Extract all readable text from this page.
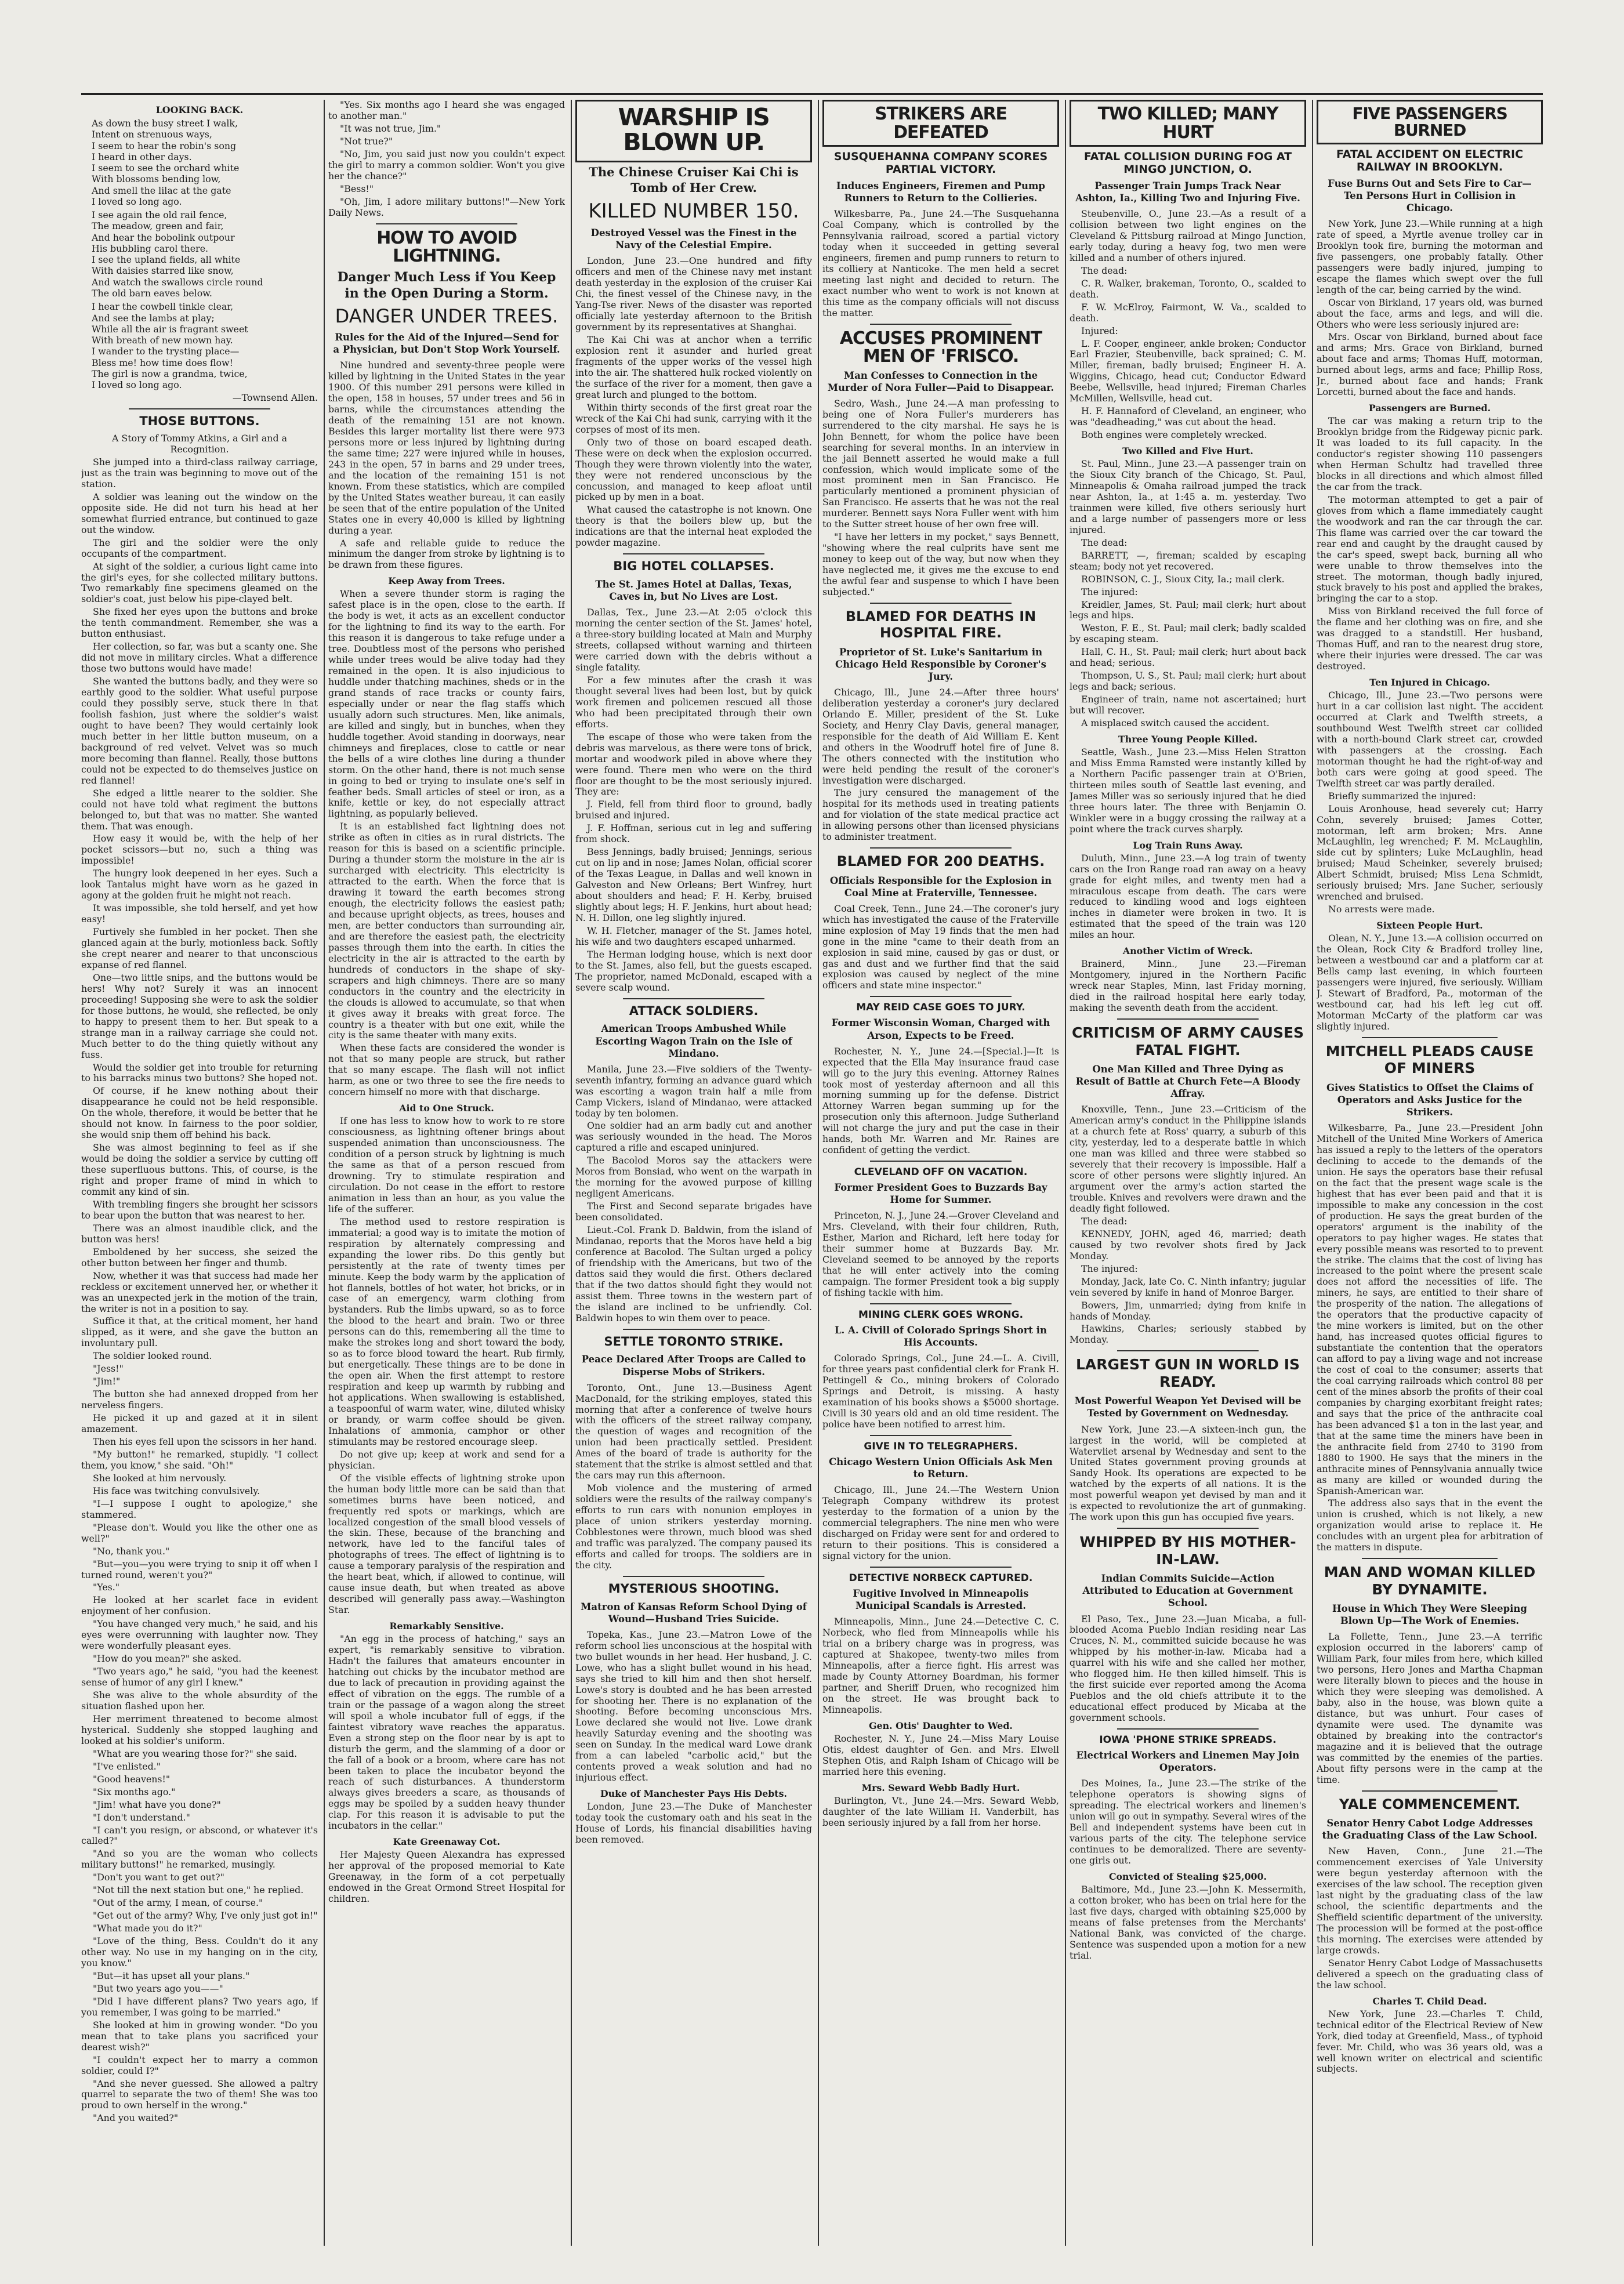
LOOKING BACK.
As down the busy street I walk,
Intent on strenuous ways,
I seem to hear the robin's song
I heard in other days.
I seem to see the orchard white
With blossoms bending low,
And smell the lilac at the gate
I loved so long ago.
I see again the old rail fence,
The meadow, green and fair,
And hear the bobolink outpour
His bubbling carol there.
I see the upland fields, all white
With daisies starred like snow,
And watch the swallows circle round
The old barn eaves below.
I hear the cowbell tinkle clear,
And see the lambs at play;
While all the air is fragrant sweet
With breath of new mown hay.
I wander to the trysting place—
Bless me! how time does flow!
The girl is now a grandma, twice,
I loved so long ago.
—Townsend Allen.
THOSE BUTTONS.
A Story of Tommy Atkins, a Girl and a Recognition.

She jumped into a third-class railway carriage, just as the train was beginning to move out of the station.

A soldier was leaning out the window on the opposite side. He did not turn his head at her somewhat flurried entrance, but continued to gaze out the window.

The girl and the soldier were the only occupants of the compartment.

At sight of the soldier, a curious light came into the girl's eyes, for she collected military buttons. Two remarkably fine specimens gleamed on the soldier's coat, just below his pipe-clayed belt.

She fixed her eyes upon the buttons and broke the tenth commandment. Remember, she was a button enthusiast.

Her collection, so far, was but a scanty one. She did not move in military circles. What a difference those two buttons would have made!

She wanted the buttons badly, and they were so earthly good to the soldier. What useful purpose could they possibly serve, stuck there in that foolish fashion, just where the soldier's waist ought to have been? They would certainly look much better in her little button museum, on a background of red velvet. Velvet was so much more becoming than flannel. Really, those buttons could not be expected to do themselves justice on red flannel!

She edged a little nearer to the soldier. She could not have told what regiment the buttons belonged to, but that was no matter. She wanted them. That was enough.

How easy it would be, with the help of her pocket scissors—but no, such a thing was impossible!

The hungry look deepened in her eyes. Such a look Tantalus might have worn as he gazed in agony at the golden fruit he might not reach.

It was impossible, she told herself, and yet how easy!

Furtively she fumbled in her pocket. Then she glanced again at the burly, motionless back. Softly she crept nearer and nearer to that unconscious expanse of red flannel.

One—two little snips, and the buttons would be hers! Why not? Surely it was an innocent proceeding! Supposing she were to ask the soldier for those buttons, he would, she reflected, be only to happy to present them to her. But speak to a strange man in a railway carriage she could not. Much better to do the thing quietly without any fuss.

Would the soldier get into trouble for returning to his barracks minus two buttons? She hoped not.

Of course, if he knew nothing about their disappearance he could not be held responsible. On the whole, therefore, it would be better that he should not know. In fairness to the poor soldier, she would snip them off behind his back.

She was almost beginning to feel as if she would be doing the soldier a service by cutting off these superfluous buttons. This, of course, is the right and proper frame of mind in which to commit any kind of sin.

With trembling fingers she brought her scissors to bear upon the button that was nearest to her.

There was an almost inaudible click, and the button was hers!

Emboldened by her success, she seized the other button between her finger and thumb.

Now, whether it was that success had made her reckless or excitement unnerved her, or whether it was an unexpected jerk in the motion of the train, the writer is not in a position to say.

Suffice it that, at the critical moment, her hand slipped, as it were, and she gave the button an involuntary pull.

The soldier looked round.

"Jess!"

"Jim!"

The button she had annexed dropped from her nerveless fingers.

He picked it up and gazed at it in silent amazement.

Then his eyes fell upon the scissors in her hand.

"My button!" he remarked, stupidly. "I collect them, you know," she said. "Oh!"

She looked at him nervously.

His face was twitching convulsively.

"I—I suppose I ought to apologize," she stammered.

"Please don't. Would you like the other one as well?"

"No, thank you."

"But—you—you were trying to snip it off when I turned round, weren't you?"

"Yes."

He looked at her scarlet face in evident enjoyment of her confusion.

"You have changed very much," he said, and his eyes were overrunning with laughter now. They were wonderfully pleasant eyes.

"How do you mean?" she asked.

"Two years ago," he said, "you had the keenest sense of humor of any girl I knew."

She was alive to the whole absurdity of the situation flashed upon her.

Her merriment threatened to become almost hysterical. Suddenly she stopped laughing and looked at his soldier's uniform.

"What are you wearing those for?" she said.

"I've enlisted."

"Good heavens!"

"Six months ago."

"Jim! what have you done?"

"I don't understand."

"I can't you resign, or abscond, or whatever it's called?"

"And so you are the woman who collects military buttons!" he remarked, musingly.

"Don't you want to get out?"

"Not till the next station but one," he replied.

"Out of the army, I mean, of course."

"Get out of the army? Why, I've only just got in!"

"What made you do it?"

"Love of the thing, Bess. Couldn't do it any other way. No use in my hanging on in the city, you know."

"But—it has upset all your plans."

"But two years ago you——"

"Did I have different plans? Two years ago, if you remember, I was going to be married."

She looked at him in growing wonder. "Do you mean that to take plans you sacrificed your dearest wish?"

"I couldn't expect her to marry a common soldier, could I?"

"And she never guessed. She allowed a paltry quarrel to separate the two of them! She was too proud to own herself in the wrong."

"And you waited?"

"Yes. Six months ago I heard she was engaged to another man."

"It was not true, Jim."

"Not true?"

"No, Jim, you said just now you couldn't expect the girl to marry a common soldier. Won't you give her the chance?"

"Bess!"

"Oh, Jim, I adore military buttons!"—New York Daily News.

HOW TO AVOID LIGHTNING.
Danger Much Less if You Keep in the Open During a Storm.
DANGER UNDER TREES.
Rules for the Aid of the Injured—Send for a Physician, but Don't Stop Work Yourself.

Nine hundred and seventy-three people were killed by lightning in the United States in the year 1900. Of this number 291 persons were killed in the open, 158 in houses, 57 under trees and 56 in barns, while the circumstances attending the death of the remaining 151 are not known. Besides this larger mortality list there were 973 persons more or less injured by lightning during the same time; 227 were injured while in houses, 243 in the open, 57 in barns and 29 under trees, and the location of the remaining 151 is not known. From these statistics, which are compiled by the United States weather bureau, it can easily be seen that of the entire population of the United States one in every 40,000 is killed by lightning during a year.

A safe and reliable guide to reduce the minimum the danger from stroke by lightning is to be drawn from these figures.

Keep Away from Trees.

When a severe thunder storm is raging the safest place is in the open, close to the earth. If the body is wet, it acts as an excellent conductor for the lightning to find its way to the earth. For this reason it is dangerous to take refuge under a tree. Doubtless most of the persons who perished while under trees would be alive today had they remained in the open. It is also injudicious to huddle under thatching machines, sheds or in the grand stands of race tracks or county fairs, especially under or near the flag staffs which usually adorn such structures. Men, like animals, are killed and singly, but in bunches, when they huddle together. Avoid standing in doorways, near chimneys and fireplaces, close to cattle or near the bells of a wire clothes line during a thunder storm. On the other hand, there is not much sense in going to bed or trying to insulate one's self in feather beds. Small articles of steel or iron, as a knife, kettle or key, do not especially attract lightning, as popularly believed.

It is an established fact lightning does not strike as often in cities as in rural districts. The reason for this is based on a scientific principle. During a thunder storm the moisture in the air is surcharged with electricity. This electricity is attracted to the earth. When the force that is drawing it toward the earth becomes strong enough, the electricity follows the easiest path; and because upright objects, as trees, houses and men, are better conductors than surrounding air, and are therefore the easiest path, the electricity passes through them into the earth. In cities the electricity in the air is attracted to the earth by hundreds of conductors in the shape of sky-scrapers and high chimneys. There are so many conductors in the country and the electricity in the clouds is allowed to accumulate, so that when it gives away it breaks with great force. The country is a theater with but one exit, while the city is the same theater with many exits.

When these facts are considered the wonder is not that so many people are struck, but rather that so many escape. The flash will not inflict harm, as one or two three to see the fire needs to concern himself no more with that discharge.

Aid to One Struck.

If one has less to know how to work to re store consciousness, as lightning oftener brings about suspended animation than unconsciousness. The condition of a person struck by lightning is much the same as that of a person rescued from drowning. Try to stimulate respiration and circulation. Do not cease in the effort to restore animation in less than an hour, as you value the life of the sufferer.

The method used to restore respiration is immaterial; a good way is to imitate the motion of respiration by alternately compressing and expanding the lower ribs. Do this gently but persistently at the rate of twenty times per minute. Keep the body warm by the application of hot flannels, bottles of hot water, hot bricks, or in case of an emergency, warm clothing from bystanders. Rub the limbs upward, so as to force the blood to the heart and brain. Two or three persons can do this, remembering all the time to make the strokes long and short toward the body, so as to force blood toward the heart. Rub firmly, but energetically. These things are to be done in the open air. When the first attempt to restore respiration and keep up warmth by rubbing and hot applications. When swallowing is established, a teaspoonful of warm water, wine, diluted whisky or brandy, or warm coffee should be given. Inhalations of ammonia, camphor or other stimulants may be restored encourage sleep.

Do not give up; keep at work and send for a physician.

Of the visible effects of lightning stroke upon the human body little more can be said than that sometimes burns have been noticed, and frequently red spots or markings, which are localized congestion of the small blood vessels of the skin. These, because of the branching and network, have led to the fanciful tales of photographs of trees. The effect of lightning is to cause a temporary paralysis of the respiration and the heart beat, which, if allowed to continue, will cause insue death, but when treated as above described will generally pass away.—Washington Star.

Remarkably Sensitive.

"An egg in the process of hatching," says an expert, "is remarkably sensitive to vibration. Hadn't the failures that amateurs encounter in hatching out chicks by the incubator method are due to lack of precaution in providing against the effect of vibration on the eggs. The rumble of a train or the passage of a wagon along the street will spoil a whole incubator full of eggs, if the faintest vibratory wave reaches the apparatus. Even a strong step on the floor near by is apt to disturb the germ, and the slamming of a door or the fall of a book or a broom, where care has not been taken to place the incubator beyond the reach of such disturbances. A thunderstorm always gives breeders a scare, as thousands of eggs may be spoiled by a sudden heavy thunder clap. For this reason it is advisable to put the incubators in the cellar."

Kate Greenaway Cot.

Her Majesty Queen Alexandra has expressed her approval of the proposed memorial to Kate Greenaway, in the form of a cot perpetually endowed in the Great Ormond Street Hospital for children.

WARSHIP IS BLOWN UP.
The Chinese Cruiser Kai Chi is Tomb of Her Crew.
KILLED NUMBER 150.
Destroyed Vessel was the Finest in the Navy of the Celestial Empire.

London, June 23.—One hundred and fifty officers and men of the Chinese navy met instant death yesterday in the explosion of the cruiser Kai Chi, the finest vessel of the Chinese navy, in the Yang-Tse river. News of the disaster was reported officially late yesterday afternoon to the British government by its representatives at Shanghai.

The Kai Chi was at anchor when a terrific explosion rent it asunder and hurled great fragments of the upper works of the vessel high into the air. The shattered hulk rocked violently on the surface of the river for a moment, then gave a great lurch and plunged to the bottom.

Within thirty seconds of the first great roar the wreck of the Kai Chi had sunk, carrying with it the corpses of most of its men.

Only two of those on board escaped death. These were on deck when the explosion occurred. Though they were thrown violently into the water, they were not rendered unconscious by the concussion, and managed to keep afloat until picked up by men in a boat.

What caused the catastrophe is not known. One theory is that the boilers blew up, but the indications are that the internal heat exploded the powder magazine.

BIG HOTEL COLLAPSES.
The St. James Hotel at Dallas, Texas, Caves in, but No Lives are Lost.

Dallas, Tex., June 23.—At 2:05 o'clock this morning the center section of the St. James' hotel, a three-story building located at Main and Murphy streets, collapsed without warning and thirteen were carried down with the debris without a single fatality.

For a few minutes after the crash it was thought several lives had been lost, but by quick work firemen and policemen rescued all those who had been precipitated through their own efforts.

The escape of those who were taken from the debris was marvelous, as there were tons of brick, mortar and woodwork piled in above where they were found. There men who were on the third floor are thought to be the most seriously injured. They are:

J. Field, fell from third floor to ground, badly bruised and injured.

J. F. Hoffman, serious cut in leg and suffering from shock.

Bess Jennings, badly bruised; Jennings, serious cut on lip and in nose; James Nolan, official scorer of the Texas League, in Dallas and well known in Galveston and New Orleans; Bert Winfrey, hurt about shoulders and head; F. H. Kerby, bruised slightly about legs; H. F. Jenkins, hurt about head; N. H. Dillon, one leg slightly injured.

W. H. Fletcher, manager of the St. James hotel, his wife and two daughters escaped unharmed.

The Herman lodging house, which is next door to the St. James, also fell, but the guests escaped. The proprietor, named McDonald, escaped with a severe scalp wound.

ATTACK SOLDIERS.
American Troops Ambushed While Escorting Wagon Train on the Isle of Mindano.

Manila, June 23.—Five soldiers of the Twenty-seventh infantry, forming an advance guard which was escorting a wagon train half a mile from Camp Vickers, island of Mindanao, were attacked today by ten bolomen.

One soldier had an arm badly cut and another was seriously wounded in the head. The Moros captured a rifle and escaped uninjured.

The Bacolod Moros say the attackers were Moros from Bonsiad, who went on the warpath in the morning for the avowed purpose of killing negligent Americans.

The First and Second separate brigades have been consolidated.

Lieut.-Col. Frank D. Baldwin, from the island of Mindanao, reports that the Moros have held a big conference at Bacolod. The Sultan urged a policy of friendship with the Americans, but two of the dattos said they would die first. Others declared that if the two dattos should fight they would not assist them. Three towns in the western part of the island are inclined to be unfriendly. Col. Baldwin hopes to win them over to peace.

SETTLE TORONTO STRIKE.
Peace Declared After Troops are Called to Disperse Mobs of Strikers.

Toronto, Ont., June 13.—Business Agent MacDonald, for the striking employes, stated this morning that after a conference of twelve hours with the officers of the street railway company, the question of wages and recognition of the union had been practically settled. President Ames of the board of trade is authority for the statement that the strike is almost settled and that the cars may run this afternoon.

Mob violence and the mustering of armed soldiers were the results of the railway company's efforts to run cars with nonunion employes in place of union strikers yesterday morning. Cobblestones were thrown, much blood was shed and traffic was paralyzed. The company paused its efforts and called for troops. The soldiers are in the city.

MYSTERIOUS SHOOTING.
Matron of Kansas Reform School Dying of Wound—Husband Tries Suicide.

Topeka, Kas., June 23.—Matron Lowe of the reform school lies unconscious at the hospital with two bullet wounds in her head. Her husband, J. C. Lowe, who has a slight bullet wound in his head, says she tried to kill him and then shot herself. Lowe's story is doubted and he has been arrested for shooting her. There is no explanation of the shooting. Before becoming unconscious Mrs. Lowe declared she would not live. Lowe drank heavily Saturday evening and the shooting was seen on Sunday. In the medical ward Lowe drank from a can labeled "carbolic acid," but the contents proved a weak solution and had no injurious effect.

Duke of Manchester Pays His Debts.

London, June 23.—The Duke of Manchester today took the customary oath and his seat in the House of Lords, his financial disabilities having been removed.

STRIKERS ARE DEFEATED
SUSQUEHANNA COMPANY SCORES PARTIAL VICTORY.
Induces Engineers, Firemen and Pump Runners to Return to the Collieries.

Wilkesbarre, Pa., June 24.—The Susquehanna Coal Company, which is controlled by the Pennsylvania railroad, scored a partial victory today when it succeeded in getting several engineers, firemen and pump runners to return to its colliery at Nanticoke. The men held a secret meeting last night and decided to return. The exact number who went to work is not known at this time as the company officials will not discuss the matter.

ACCUSES PROMINENT MEN OF 'FRISCO.
Man Confesses to Connection in the Murder of Nora Fuller—Paid to Disappear.

Sedro, Wash., June 24.—A man professing to being one of Nora Fuller's murderers has surrendered to the city marshal. He says he is John Bennett, for whom the police have been searching for several months. In an interview in the jail Bennett asserted he would make a full confession, which would implicate some of the most prominent men in San Francisco. He particularly mentioned a prominent physician of San Francisco. He asserts that he was not the real murderer. Bennett says Nora Fuller went with him to the Sutter street house of her own free will.

"I have her letters in my pocket," says Bennett, "showing where the real culprits have sent me money to keep out of the way, but now when they have neglected me, it gives me the excuse to end the awful fear and suspense to which I have been subjected."

BLAMED FOR DEATHS IN HOSPITAL FIRE.
Proprietor of St. Luke's Sanitarium in Chicago Held Responsible by Coroner's Jury.

Chicago, Ill., June 24.—After three hours' deliberation yesterday a coroner's jury declared Orlando E. Miller, president of the St. Luke Society, and Henry Clay Davis, general manager, responsible for the death of Aid William E. Kent and others in the Woodruff hotel fire of June 8. The others connected with the institution who were held pending the result of the coroner's investigation were discharged.

The jury censured the management of the hospital for its methods used in treating patients and for violation of the state medical practice act in allowing persons other than licensed physicians to administer treatment.

BLAMED FOR 200 DEATHS.
Officials Responsible for the Explosion in Coal Mine at Fraterville, Tennessee.

Coal Creek, Tenn., June 24.—The coroner's jury which has investigated the cause of the Fraterville mine explosion of May 19 finds that the men had gone in the mine "came to their death from an explosion in said mine, caused by gas or dust, or gas and dust and we further find that the said explosion was caused by neglect of the mine officers and state mine inspector."

MAY REID CASE GOES TO JURY.
Former Wisconsin Woman, Charged with Arson, Expects to be Freed.

Rochester, N. Y., June 24.—[Special.]—It is expected that the Ella May insurance fraud case will go to the jury this evening. Attorney Raines took most of yesterday afternoon and all this morning summing up for the defense. District Attorney Warren began summing up for the prosecution only this afternoon. Judge Sutherland will not charge the jury and put the case in their hands, both Mr. Warren and Mr. Raines are confident of getting the verdict.

CLEVELAND OFF ON VACATION.
Former President Goes to Buzzards Bay Home for Summer.

Princeton, N. J., June 24.—Grover Cleveland and Mrs. Cleveland, with their four children, Ruth, Esther, Marion and Richard, left here today for their summer home at Buzzards Bay. Mr. Cleveland seemed to be annoyed by the reports that he will enter actively into the coming campaign. The former President took a big supply of fishing tackle with him.

MINING CLERK GOES WRONG.
L. A. Civill of Colorado Springs Short in His Accounts.

Colorado Springs, Col., June 24.—L. A. Civill, for three years past confidential clerk for Frank H. Pettingell & Co., mining brokers of Colorado Springs and Detroit, is missing. A hasty examination of his books shows a $5000 shortage. Civill is 30 years old and an old time resident. The police have been notified to arrest him.

GIVE IN TO TELEGRAPHERS.
Chicago Western Union Officials Ask Men to Return.

Chicago, Ill., June 24.—The Western Union Telegraph Company withdrew its protest yesterday to the formation of a union by the commercial telegraphers. The nine men who were discharged on Friday were sent for and ordered to return to their positions. This is considered a signal victory for the union.

DETECTIVE NORBECK CAPTURED.
Fugitive Involved in Minneapolis Municipal Scandals is Arrested.

Minneapolis, Minn., June 24.—Detective C. C. Norbeck, who fled from Minneapolis while his trial on a bribery charge was in progress, was captured at Shakopee, twenty-two miles from Minneapolis, after a fierce fight. His arrest was made by County Attorney Boardman, his former partner, and Sheriff Druen, who recognized him on the street. He was brought back to Minneapolis.

Gen. Otis' Daughter to Wed.

Rochester, N. Y., June 24.—Miss Mary Louise Otis, eldest daughter of Gen. and Mrs. Elwell Stephen Otis, and Ralph Isham of Chicago will be married here this evening.

Mrs. Seward Webb Badly Hurt.

Burlington, Vt., June 24.—Mrs. Seward Webb, daughter of the late William H. Vanderbilt, has been seriously injured by a fall from her horse.

TWO KILLED; MANY HURT
FATAL COLLISION DURING FOG AT MINGO JUNCTION, O.
Passenger Train Jumps Track Near Ashton, Ia., Killing Two and Injuring Five.

Steubenville, O., June 23.—As a result of a collision between two light engines on the Cleveland & Pittsburg railroad at Mingo Junction, early today, during a heavy fog, two men were killed and a number of others injured.

The dead:

C. R. Walker, brakeman, Toronto, O., scalded to death.

F. W. McElroy, Fairmont, W. Va., scalded to death.

Injured:

L. F. Cooper, engineer, ankle broken; Conductor Earl Frazier, Steubenville, back sprained; C. M. Miller, fireman, badly bruised; Engineer H. A. Wiggins, Chicago, head cut; Conductor Edward Beebe, Wellsville, head injured; Fireman Charles McMillen, Wellsville, head cut.

H. F. Hannaford of Cleveland, an engineer, who was "deadheading," was cut about the head.

Both engines were completely wrecked.

Two Killed and Five Hurt.

St. Paul, Minn., June 23.—A passenger train on the Sioux City branch of the Chicago, St. Paul, Minneapolis & Omaha railroad jumped the track near Ashton, Ia., at 1:45 a. m. yesterday. Two trainmen were killed, five others seriously hurt and a large number of passengers more or less injured.

The dead:

BARRETT, —, fireman; scalded by escaping steam; body not yet recovered.

ROBINSON, C. J., Sioux City, Ia.; mail clerk.

The injured:

Kreidler, James, St. Paul; mail clerk; hurt about legs and hips.

Weston, F. E., St. Paul; mail clerk; badly scalded by escaping steam.

Hall, C. H., St. Paul; mail clerk; hurt about back and head; serious.

Thompson, U. S., St. Paul; mail clerk; hurt about legs and back; serious.

Engineer of train, name not ascertained; hurt but will recover.

A misplaced switch caused the accident.

Three Young People Killed.

Seattle, Wash., June 23.—Miss Helen Stratton and Miss Emma Ramsted were instantly killed by a Northern Pacific passenger train at O'Brien, thirteen miles south of Seattle last evening, and James Miller was so seriously injured that he died three hours later. The three with Benjamin O. Winkler were in a buggy crossing the railway at a point where the track curves sharply.

Log Train Runs Away.

Duluth, Minn., June 23.—A log train of twenty cars on the Iron Range road ran away on a heavy grade for eight miles, and twenty men had a miraculous escape from death. The cars were reduced to kindling wood and logs eighteen inches in diameter were broken in two. It is estimated that the speed of the train was 120 miles an hour.

Another Victim of Wreck.

Brainerd, Minn., June 23.—Fireman Montgomery, injured in the Northern Pacific wreck near Staples, Minn, last Friday morning, died in the railroad hospital here early today, making the seventh death from the accident.

CRITICISM OF ARMY CAUSES FATAL FIGHT.
One Man Killed and Three Dying as Result of Battle at Church Fete—A Bloody Affray.

Knoxville, Tenn., June 23.—Criticism of the American army's conduct in the Philippine islands at a church fete at Ross' quarry, a suburb of this city, yesterday, led to a desperate battle in which one man was killed and three were stabbed so severely that their recovery is impossible. Half a score of other persons were slightly injured. An argument over the army's action started the trouble. Knives and revolvers were drawn and the deadly fight followed.

The dead:

KENNEDY, JOHN, aged 46, married; death caused by two revolver shots fired by Jack Monday.

The injured:

Monday, Jack, late Co. C. Ninth infantry; jugular vein severed by knife in hand of Monroe Barger.

Bowers, Jim, unmarried; dying from knife in hands of Monday.

Hawkins, Charles; seriously stabbed by Monday.

LARGEST GUN IN WORLD IS READY.
Most Powerful Weapon Yet Devised will be Tested by Government on Wednesday.

New York, June 23.—A sixteen-inch gun, the largest in the world, will be completed at Watervliet arsenal by Wednesday and sent to the United States government proving grounds at Sandy Hook. Its operations are expected to be watched by the experts of all nations. It is the most powerful weapon yet devised by man and it is expected to revolutionize the art of gunmaking. The work upon this gun has occupied five years.

WHIPPED BY HIS MOTHER-IN-LAW.
Indian Commits Suicide—Action Attributed to Education at Government School.

El Paso, Tex., June 23.—Juan Micaba, a full-blooded Acoma Pueblo Indian residing near Las Cruces, N. M., committed suicide because he was whipped by his mother-in-law. Micaba had a quarrel with his wife and she called her mother, who flogged him. He then killed himself. This is the first suicide ever reported among the Acoma Pueblos and the old chiefs attribute it to the educational effect produced by Micaba at the government schools.

IOWA 'PHONE STRIKE SPREADS.
Electrical Workers and Linemen May Join Operators.

Des Moines, Ia., June 23.—The strike of the telephone operators is showing signs of spreading. The electrical workers and linemen's union will go out in sympathy. Several wires of the Bell and independent systems have been cut in various parts of the city. The telephone service continues to be demoralized. There are seventy-one girls out.

Convicted of Stealing $25,000.

Baltimore, Md., June 23.—John K. Messermith, a cotton broker, who has been on trial here for the last five days, charged with obtaining $25,000 by means of false pretenses from the Merchants' National Bank, was convicted of the charge. Sentence was suspended upon a motion for a new trial.

FIVE PASSENGERS BURNED
FATAL ACCIDENT ON ELECTRIC RAILWAY IN BROOKLYN.
Fuse Burns Out and Sets Fire to Car—Ten Persons Hurt in Collision in Chicago.

New York, June 23.—While running at a high rate of speed, a Myrtle avenue trolley car in Brooklyn took fire, burning the motorman and five passengers, one probably fatally. Other passengers were badly injured, jumping to escape the flames which swept over the full length of the car, being carried by the wind.

Oscar von Birkland, 17 years old, was burned about the face, arms and legs, and will die. Others who were less seriously injured are:

Mrs. Oscar von Birkland, burned about face and arms; Mrs. Grace von Birkland, burned about face and arms; Thomas Huff, motorman, burned about legs, arms and face; Phillip Ross, Jr., burned about face and hands; Frank Lorcetti, burned about the face and hands.

Passengers are Burned.

The car was making a return trip to the Brooklyn bridge from the Ridgeway picnic park. It was loaded to its full capacity. In the conductor's register showing 110 passengers when Herman Schultz had travelled three blocks in all directions and which almost filled the car from the track.

The motorman attempted to get a pair of gloves from which a flame immediately caught the woodwork and ran the car through the car. This flame was carried over the car toward the rear end and caught by the draught caused by the car's speed, swept back, burning all who were unable to throw themselves into the street. The motorman, though badly injured, stuck bravely to his post and applied the brakes, bringing the car to a stop.

Miss von Birkland received the full force of the flame and her clothing was on fire, and she was dragged to a standstill. Her husband, Thomas Huff, and ran to the nearest drug store, where their injuries were dressed. The car was destroyed.

Ten Injured in Chicago.

Chicago, Ill., June 23.—Two persons were hurt in a car collision last night. The accident occurred at Clark and Twelfth streets, a southbound West Twelfth street car collided with a north-bound Clark street car, crowded with passengers at the crossing. Each motorman thought he had the right-of-way and both cars were going at good speed. The Twelfth street car was partly derailed.

Briefly summarized the injured:

Louis Aronhouse, head severely cut; Harry Cohn, severely bruised; James Cotter, motorman, left arm broken; Mrs. Anne McLaughlin, leg wrenched; F. M. McLaughlin, side cut by splinters; Luke McLaughlin, head bruised; Maud Scheinker, severely bruised; Albert Schmidt, bruised; Miss Lena Schmidt, seriously bruised; Mrs. Jane Sucher, seriously wrenched and bruised.

No arrests were made.

Sixteen People Hurt.

Olean, N. Y., June 13.—A collision occurred on the Olean, Rock City & Bradford trolley line, between a westbound car and a platform car at Bells camp last evening, in which fourteen passengers were injured, five seriously. William J. Stewart of Bradford, Pa., motorman of the westbound car, had his left leg cut off. Motorman McCarty of the platform car was slightly injured.

MITCHELL PLEADS CAUSE OF MINERS
Gives Statistics to Offset the Claims of Operators and Asks Justice for the Strikers.

Wilkesbarre, Pa., June 23.—President John Mitchell of the United Mine Workers of America has issued a reply to the letters of the operators declining to accede to the demands of the union. He says the operators base their refusal on the fact that the present wage scale is the highest that has ever been paid and that it is impossible to make any concession in the cost of production. He says the great burden of the operators' argument is the inability of the operators to pay higher wages. He states that every possible means was resorted to to prevent the strike. The claims that the cost of living has increased to the point where the present scale does not afford the necessities of life. The miners, he says, are entitled to their share of the prosperity of the nation. The allegations of the operators that the productive capacity of the mine workers is limited, but on the other hand, has increased quotes official figures to substantiate the contention that the operators can afford to pay a living wage and not increase the cost of coal to the consumer; asserts that the coal carrying railroads which control 88 per cent of the mines absorb the profits of their coal companies by charging exorbitant freight rates; and says that the price of the anthracite coal has been advanced $1 a ton in the last year, and that at the same time the miners have been in the anthracite field from 2740 to 3190 from 1880 to 1900. He says that the miners in the anthracite mines of Pennsylvania annually twice as many are killed or wounded during the Spanish-American war.

The address also says that in the event the union is crushed, which is not likely, a new organization would arise to replace it. He concludes with an urgent plea for arbitration of the matters in dispute.

MAN AND WOMAN KILLED BY DYNAMITE.
House in Which They Were Sleeping Blown Up—The Work of Enemies.

La Follette, Tenn., June 23.—A terrific explosion occurred in the laborers' camp of William Park, four miles from here, which killed two persons, Hero Jones and Martha Chapman were literally blown to pieces and the house in which they were sleeping was demolished. A baby, also in the house, was blown quite a distance, but was unhurt. Four cases of dynamite were used. The dynamite was obtained by breaking into the contractor's magazine and it is believed that the outrage was committed by the enemies of the parties. About fifty persons were in the camp at the time.

YALE COMMENCEMENT.
Senator Henry Cabot Lodge Addresses the Graduating Class of the Law School.

New Haven, Conn., June 21.—The commencement exercises of Yale University were begun yesterday afternoon with the exercises of the law school. The reception given last night by the graduating class of the law school, the scientific departments and the Sheffield scientific department of the university. The procession will be formed at the post-office this morning. The exercises were attended by large crowds.

Senator Henry Cabot Lodge of Massachusetts delivered a speech on the graduating class of the law school.

Charles T. Child Dead.

New York, June 23.—Charles T. Child, technical editor of the Electrical Review of New York, died today at Greenfield, Mass., of typhoid fever. Mr. Child, who was 36 years old, was a well known writer on electrical and scientific subjects.
